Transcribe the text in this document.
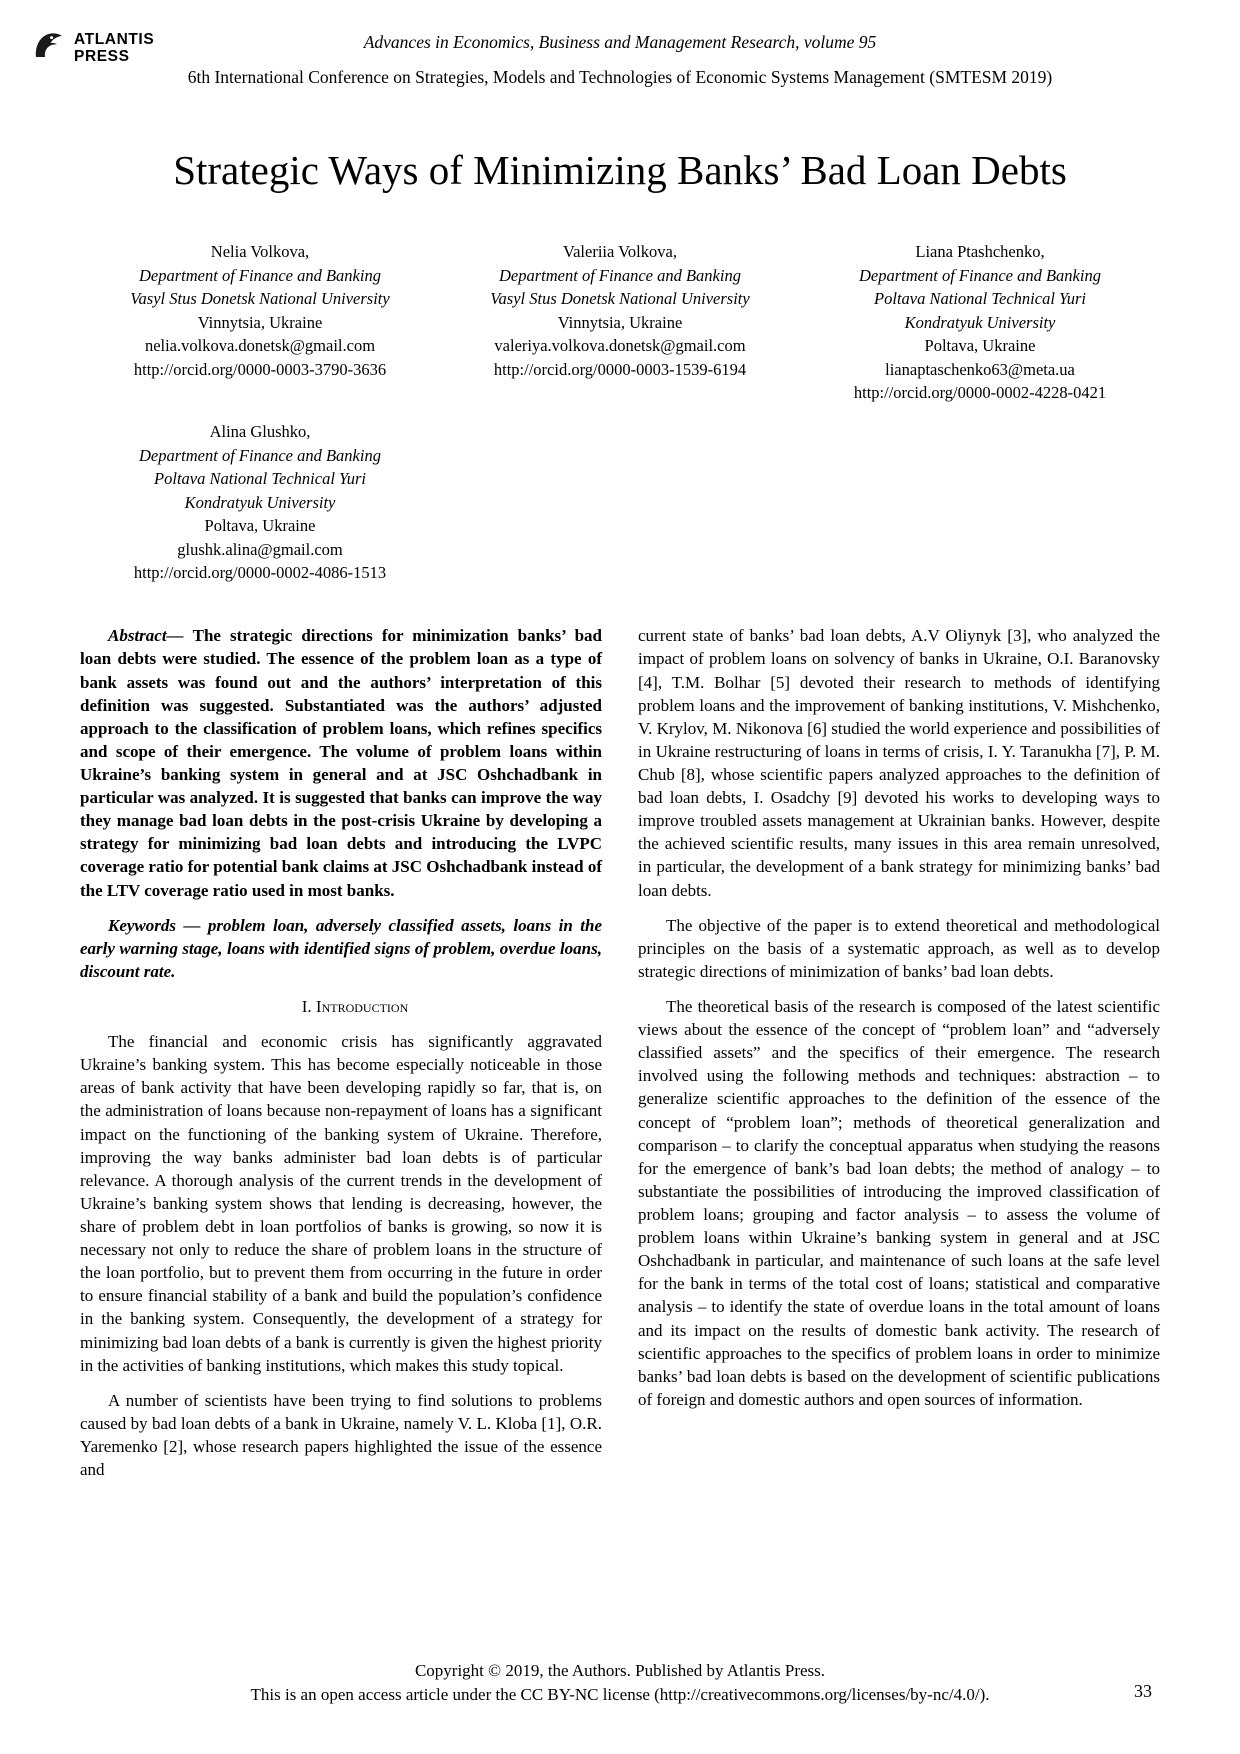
ATLANTIS
PRESS
Advances in Economics, Business and Management Research, volume 95
6th International Conference on Strategies, Models and Technologies of Economic Systems Management (SMTESM 2019)
Strategic Ways of Minimizing Banks’ Bad Loan Debts
Nelia Volkova,
Department of Finance and Banking
Vasyl Stus Donetsk National University
Vinnytsia, Ukraine
nelia.volkova.donetsk@gmail.com
http://orcid.org/0000-0003-3790-3636
Valeriia Volkova,
Department of Finance and Banking
Vasyl Stus Donetsk National University
Vinnytsia, Ukraine
valeriya.volkova.donetsk@gmail.com
http://orcid.org/0000-0003-1539-6194
Liana Ptashchenko,
Department of Finance and Banking
Poltava National Technical Yuri
Kondratyuk University
Poltava, Ukraine
lianaptaschenko63@meta.ua
http://orcid.org/0000-0002-4228-0421
Alina Glushko,
Department of Finance and Banking
Poltava National Technical Yuri
Kondratyuk University
Poltava, Ukraine
glushk.alina@gmail.com
http://orcid.org/0000-0002-4086-1513

Abstract— The strategic directions for minimization banks’ bad loan debts were studied. The essence of the problem loan as a type of bank assets was found out and the authors’ interpretation of this definition was suggested. Substantiated was the authors’ adjusted approach to the classification of problem loans, which refines specifics and scope of their emergence. The volume of problem loans within Ukraine’s banking system in general and at JSC Oshchadbank in particular was analyzed. It is suggested that banks can improve the way they manage bad loan debts in the post-crisis Ukraine by developing a strategy for minimizing bad loan debts and introducing the LVPC coverage ratio for potential bank claims at JSC Oshchadbank instead of the LTV coverage ratio used in most banks.

Keywords — problem loan, adversely classified assets, loans in the early warning stage, loans with identified signs of problem, overdue loans, discount rate.

I. Introduction

The financial and economic crisis has significantly aggravated Ukraine’s banking system. This has become especially noticeable in those areas of bank activity that have been developing rapidly so far, that is, on the administration of loans because non-repayment of loans has a significant impact on the functioning of the banking system of Ukraine. Therefore, improving the way banks administer bad loan debts is of particular relevance. A thorough analysis of the current trends in the development of Ukraine’s banking system shows that lending is decreasing, however, the share of problem debt in loan portfolios of banks is growing, so now it is necessary not only to reduce the share of problem loans in the structure of the loan portfolio, but to prevent them from occurring in the future in order to ensure financial stability of a bank and build the population’s confidence in the banking system. Consequently, the development of a strategy for minimizing bad loan debts of a bank is currently is given the highest priority in the activities of banking institutions, which makes this study topical.

A number of scientists have been trying to find solutions to problems caused by bad loan debts of a bank in Ukraine, namely V. L. Kloba [1], O.R. Yaremenko [2], whose research papers highlighted the issue of the essence and

current state of banks’ bad loan debts, A.V Oliynyk [3], who analyzed the impact of problem loans on solvency of banks in Ukraine, O.I. Baranovsky [4], T.M. Bolhar [5] devoted their research to methods of identifying problem loans and the improvement of banking institutions, V. Mishchenko, V. Krylov, M. Nikonova [6] studied the world experience and possibilities of in Ukraine restructuring of loans in terms of crisis, I. Y. Taranukha [7], P. M. Chub [8], whose scientific papers analyzed approaches to the definition of bad loan debts, I. Osadchy [9] devoted his works to developing ways to improve troubled assets management at Ukrainian banks. However, despite the achieved scientific results, many issues in this area remain unresolved, in particular, the development of a bank strategy for minimizing banks’ bad loan debts.

The objective of the paper is to extend theoretical and methodological principles on the basis of a systematic approach, as well as to develop strategic directions of minimization of banks’ bad loan debts.

The theoretical basis of the research is composed of the latest scientific views about the essence of the concept of “problem loan” and “adversely classified assets” and the specifics of their emergence. The research involved using the following methods and techniques: abstraction – to generalize scientific approaches to the definition of the essence of the concept of “problem loan”; methods of theoretical generalization and comparison – to clarify the conceptual apparatus when studying the reasons for the emergence of bank’s bad loan debts; the method of analogy – to substantiate the possibilities of introducing the improved classification of problem loans; grouping and factor analysis – to assess the volume of problem loans within Ukraine’s banking system in general and at JSC Oshchadbank in particular, and maintenance of such loans at the safe level for the bank in terms of the total cost of loans; statistical and comparative analysis – to identify the state of overdue loans in the total amount of loans and its impact on the results of domestic bank activity. The research of scientific approaches to the specifics of problem loans in order to minimize banks’ bad loan debts is based on the development of scientific publications of foreign and domestic authors and open sources of information.

Copyright © 2019, the Authors. Published by Atlantis Press.
This is an open access article under the CC BY-NC license (http://creativecommons.org/licenses/by-nc/4.0/).	33
